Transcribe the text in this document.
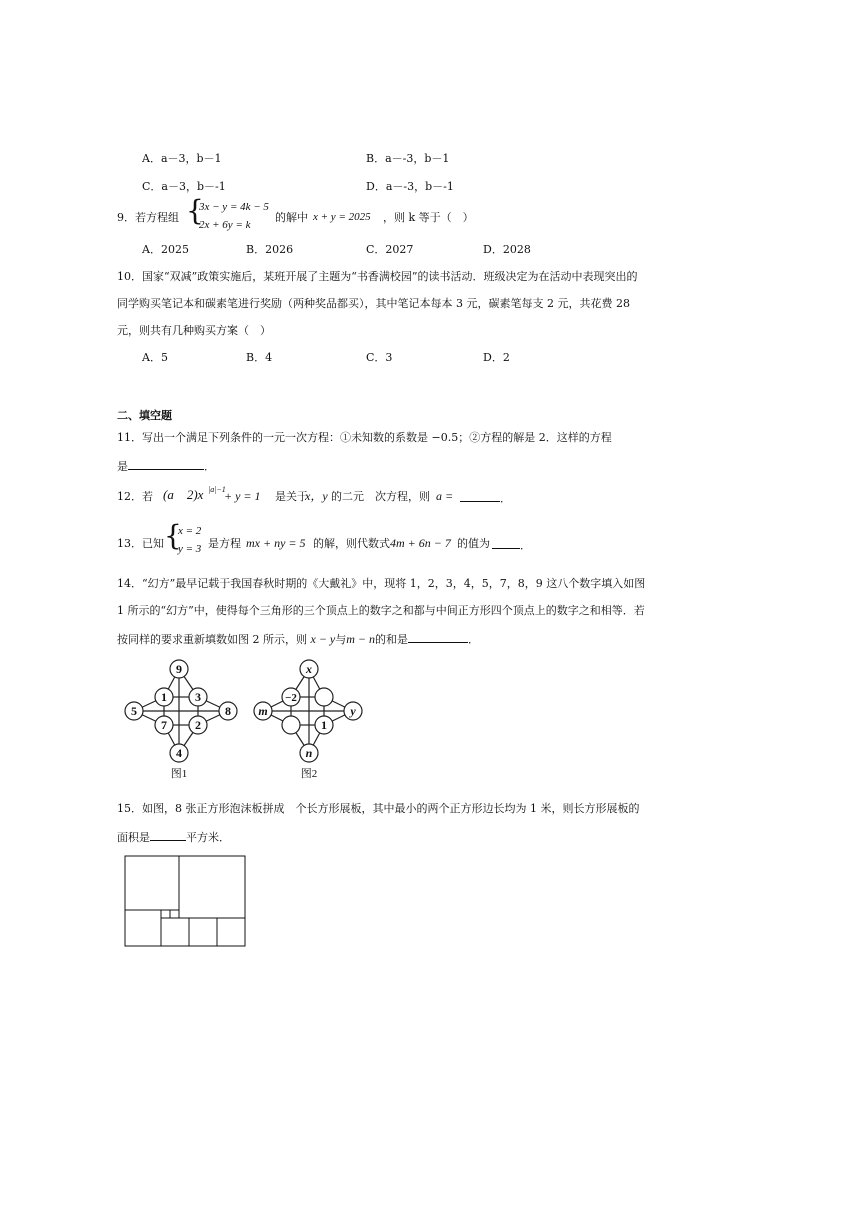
A．a－3，b－1	B．a－-3，b－1
C．a－3，b－-1	D．a－-3，b－-1
9．若方程组 {
3x − y = 4k − 5
2x + 6y = k
的解中 x + y = 2025 ，则 k 等于（　）
A．2025	B．2026	C．2027	D．2028
10．国家“双减”政策实施后，某班开展了主题为“书香满校园”的读书活动．班级决定为在活动中表现突出的
同学购买笔记本和碳素笔进行奖励（两种奖品都买），其中笔记本每本 3 元，碳素笔每支 2 元，共花费 28
元，则共有几种购买方案（　）
A．5	B．4	C．3	D．2
二、填空题
11．写出一个满足下列条件的一元一次方程：①未知数的系数是 −0.5；②方程的解是 2．这样的方程
是	．
12．若 (a　2)x |a|−1
+ y = 1 是关于
x，y 的二元　次方程，则 a =	．
13．已知 {
x = 2
y = 3 是方程 mx + ny = 5 的解，则代数式 4m + 6n − 7 的值为	．
14．“幻方”最早记载于我国春秋时期的《大戴礼》中，现将 1，2，3，4，5，7，8，9 这八个数字填入如图
1 所示的“幻方”中，使得每个三角形的三个顶点上的数字之和都与中间正方形四个顶点上的数字之和相等．若
按同样的要求重新填数如图 2 所示，则 x − y与m − n的和是	．
9
1 3
5	8
7 2
4
图1
x
−2
m	y
1
n
图2
15．如图，8 张正方形泡沫板拼成　个长方形展板，其中最小的两个正方形边长均为 1 米，则长方形展板的
面积是	平方米．
